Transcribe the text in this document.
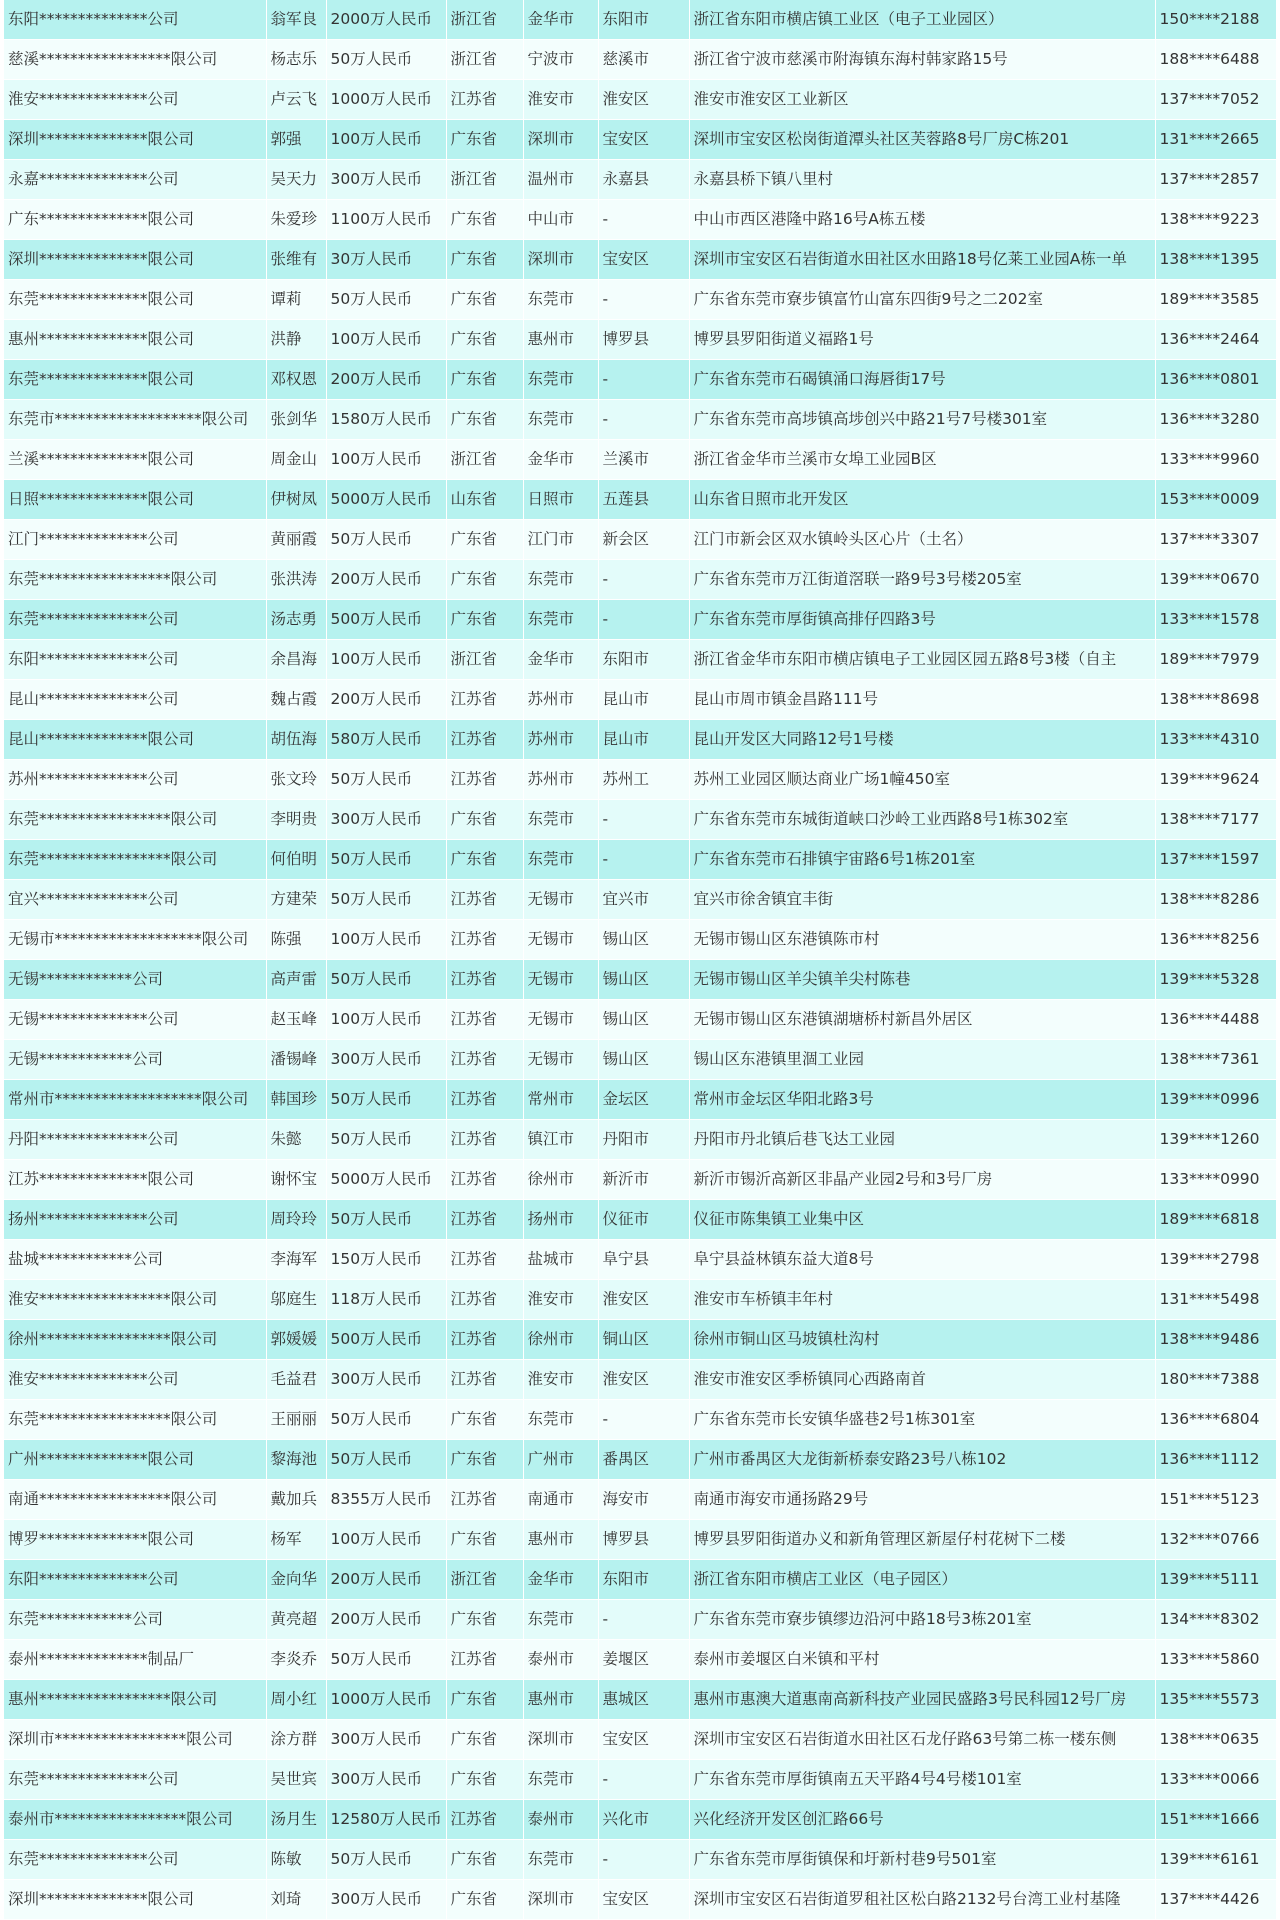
东阳**************公司	翁军良	2000万人民币	浙江省	金华市	东阳市	浙江省东阳市横店镇工业区（电子工业园区）	150****2188
慈溪*****************限公司	杨志乐	50万人民币	浙江省	宁波市	慈溪市	浙江省宁波市慈溪市附海镇东海村韩家路15号	188****6488
淮安**************公司	卢云飞	1000万人民币	江苏省	淮安市	淮安区	淮安市淮安区工业新区	137****7052
深圳**************限公司	郭强	100万人民币	广东省	深圳市	宝安区	深圳市宝安区松岗街道潭头社区芙蓉路8号厂房C栋201	131****2665
永嘉**************公司	吴天力	300万人民币	浙江省	温州市	永嘉县	永嘉县桥下镇八里村	137****2857
广东**************限公司	朱爱珍	1100万人民币	广东省	中山市	-	中山市西区港隆中路16号A栋五楼	138****9223
深圳**************限公司	张维有	30万人民币	广东省	深圳市	宝安区	深圳市宝安区石岩街道水田社区水田路18号亿莱工业园A栋一单	138****1395
东莞**************限公司	谭莉	50万人民币	广东省	东莞市	-	广东省东莞市寮步镇富竹山富东四街9号之二202室	189****3585
惠州**************限公司	洪静	100万人民币	广东省	惠州市	博罗县	博罗县罗阳街道义福路1号	136****2464
东莞**************限公司	邓权恩	200万人民币	广东省	东莞市	-	广东省东莞市石碣镇涌口海唇街17号	136****0801
东莞市*******************限公司	张剑华	1580万人民币	广东省	东莞市	-	广东省东莞市高埗镇高埗创兴中路21号7号楼301室	136****3280
兰溪**************限公司	周金山	100万人民币	浙江省	金华市	兰溪市	浙江省金华市兰溪市女埠工业园B区	133****9960
日照**************限公司	伊树凤	5000万人民币	山东省	日照市	五莲县	山东省日照市北开发区	153****0009
江门**************公司	黄丽霞	50万人民币	广东省	江门市	新会区	江门市新会区双水镇岭头区心片（土名）	137****3307
东莞*****************限公司	张洪涛	200万人民币	广东省	东莞市	-	广东省东莞市万江街道滘联一路9号3号楼205室	139****0670
东莞**************公司	汤志勇	500万人民币	广东省	东莞市	-	广东省东莞市厚街镇高排仔四路3号	133****1578
东阳**************公司	余昌海	100万人民币	浙江省	金华市	东阳市	浙江省金华市东阳市横店镇电子工业园区园五路8号3楼（自主	189****7979
昆山**************公司	魏占霞	200万人民币	江苏省	苏州市	昆山市	昆山市周市镇金昌路111号	138****8698
昆山**************限公司	胡伍海	580万人民币	江苏省	苏州市	昆山市	昆山开发区大同路12号1号楼	133****4310
苏州**************公司	张文玲	50万人民币	江苏省	苏州市	苏州工	苏州工业园区顺达商业广场1幢450室	139****9624
东莞*****************限公司	李明贵	300万人民币	广东省	东莞市	-	广东省东莞市东城街道峡口沙岭工业西路8号1栋302室	138****7177
东莞*****************限公司	何伯明	50万人民币	广东省	东莞市	-	广东省东莞市石排镇宇宙路6号1栋201室	137****1597
宜兴**************公司	方建荣	50万人民币	江苏省	无锡市	宜兴市	宜兴市徐舍镇宜丰街	138****8286
无锡市*******************限公司	陈强	100万人民币	江苏省	无锡市	锡山区	无锡市锡山区东港镇陈市村	136****8256
无锡************公司	高声雷	50万人民币	江苏省	无锡市	锡山区	无锡市锡山区羊尖镇羊尖村陈巷	139****5328
无锡**************公司	赵玉峰	100万人民币	江苏省	无锡市	锡山区	无锡市锡山区东港镇湖塘桥村新昌外居区	136****4488
无锡************公司	潘锡峰	300万人民币	江苏省	无锡市	锡山区	锡山区东港镇里涸工业园	138****7361
常州市*******************限公司	韩国珍	50万人民币	江苏省	常州市	金坛区	常州市金坛区华阳北路3号	139****0996
丹阳**************公司	朱懿	50万人民币	江苏省	镇江市	丹阳市	丹阳市丹北镇后巷飞达工业园	139****1260
江苏**************限公司	谢怀宝	5000万人民币	江苏省	徐州市	新沂市	新沂市锡沂高新区非晶产业园2号和3号厂房	133****0990
扬州**************公司	周玲玲	50万人民币	江苏省	扬州市	仪征市	仪征市陈集镇工业集中区	189****6818
盐城************公司	李海军	150万人民币	江苏省	盐城市	阜宁县	阜宁县益林镇东益大道8号	139****2798
淮安*****************限公司	邬庭生	118万人民币	江苏省	淮安市	淮安区	淮安市车桥镇丰年村	131****5498
徐州*****************限公司	郭媛媛	500万人民币	江苏省	徐州市	铜山区	徐州市铜山区马坡镇杜沟村	138****9486
淮安**************公司	毛益君	300万人民币	江苏省	淮安市	淮安区	淮安市淮安区季桥镇同心西路南首	180****7388
东莞*****************限公司	王丽丽	50万人民币	广东省	东莞市	-	广东省东莞市长安镇华盛巷2号1栋301室	136****6804
广州**************限公司	黎海池	50万人民币	广东省	广州市	番禺区	广州市番禺区大龙街新桥泰安路23号八栋102	136****1112
南通*****************限公司	戴加兵	8355万人民币	江苏省	南通市	海安市	南通市海安市通扬路29号	151****5123
博罗**************限公司	杨军	100万人民币	广东省	惠州市	博罗县	博罗县罗阳街道办义和新角管理区新屋仔村花树下二楼	132****0766
东阳**************公司	金向华	200万人民币	浙江省	金华市	东阳市	浙江省东阳市横店工业区（电子园区）	139****5111
东莞************公司	黄亮超	200万人民币	广东省	东莞市	-	广东省东莞市寮步镇缪边沿河中路18号3栋201室	134****8302
泰州**************制品厂	李炎乔	50万人民币	江苏省	泰州市	姜堰区	泰州市姜堰区白米镇和平村	133****5860
惠州*****************限公司	周小红	1000万人民币	广东省	惠州市	惠城区	惠州市惠澳大道惠南高新科技产业园民盛路3号民科园12号厂房	135****5573
深圳市*****************限公司	涂方群	300万人民币	广东省	深圳市	宝安区	深圳市宝安区石岩街道水田社区石龙仔路63号第二栋一楼东侧	138****0635
东莞**************公司	吴世宾	300万人民币	广东省	东莞市	-	广东省东莞市厚街镇南五天平路4号4号楼101室	133****0066
泰州市*****************限公司	汤月生	12580万人民币	江苏省	泰州市	兴化市	兴化经济开发区创汇路66号	151****1666
东莞**************公司	陈敏	50万人民币	广东省	东莞市	-	广东省东莞市厚街镇保和圩新村巷9号501室	139****6161
深圳**************限公司	刘琦	300万人民币	广东省	深圳市	宝安区	深圳市宝安区石岩街道罗租社区松白路2132号台湾工业村基隆	137****4426
